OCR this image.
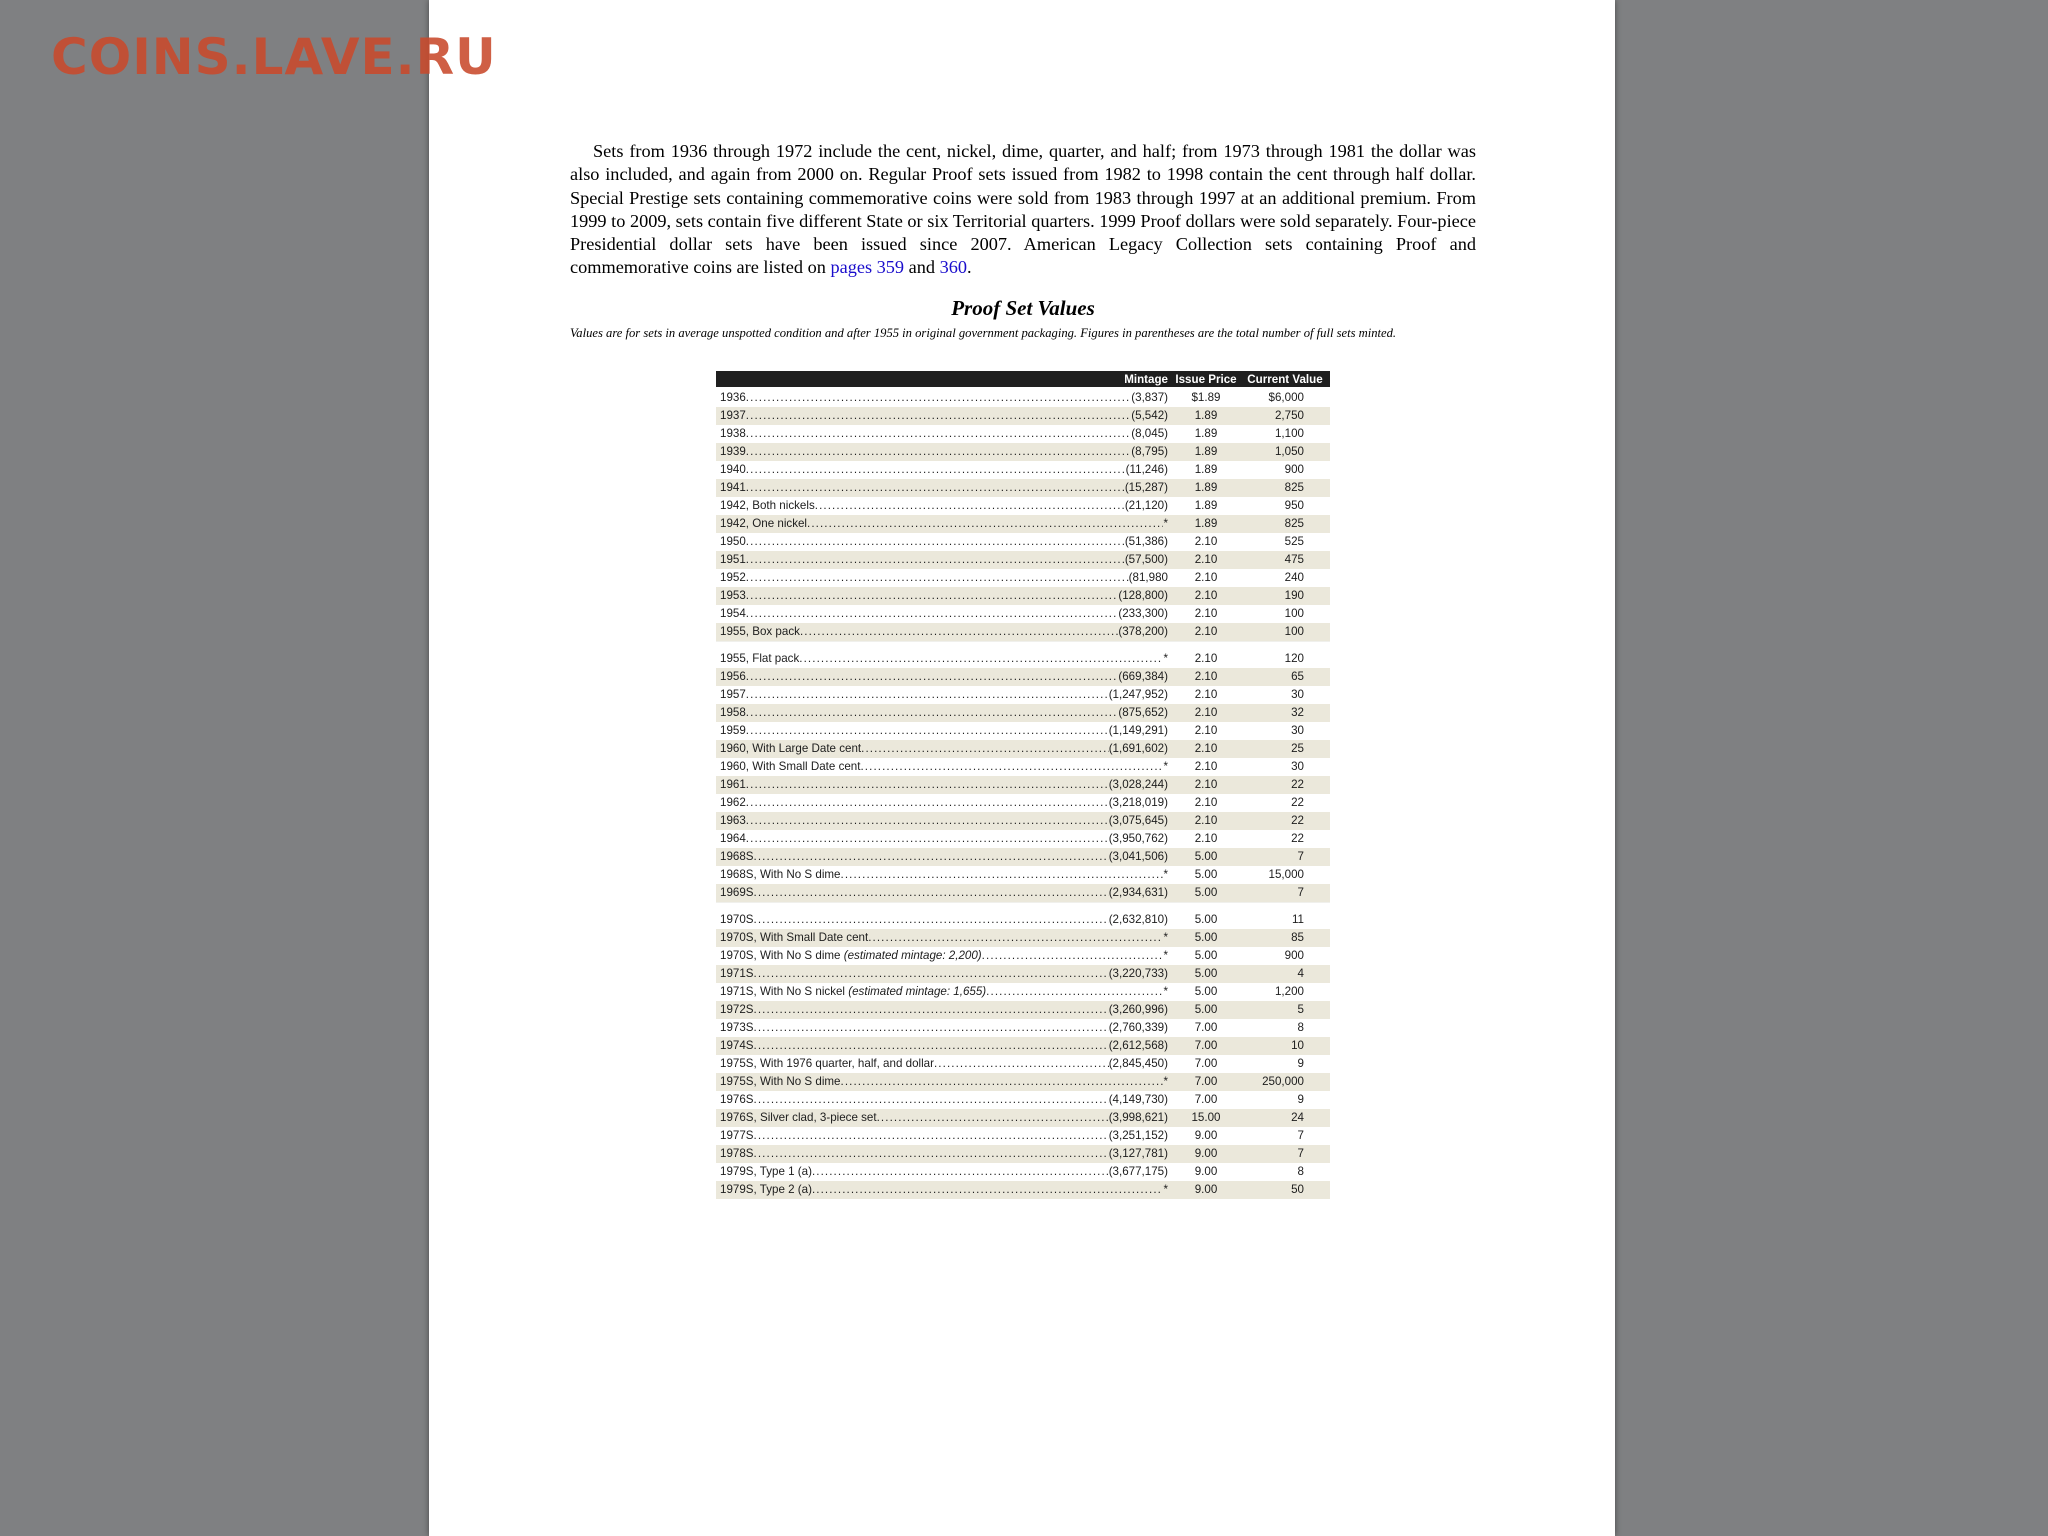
COINS.LAVE.RU

Sets from 1936 through 1972 include the cent, nickel, dime, quarter, and half; from 1973 through 1981 the dollar was also included, and again from 2000 on. Regular Proof sets issued from 1982 to 1998 contain the cent through half dollar. Special Prestige sets containing commemorative coins were sold from 1983 through 1997 at an additional premium. From 1999 to 2009, sets contain five different State or six Territorial quarters. 1999 Proof dollars were sold separately. Four-piece Presidential dollar sets have been issued since 2007. American Legacy Collection sets containing Proof and commemorative coins are listed on pages 359 and 360.

Proof Set Values

Values are for sets in average unspotted condition and after 1955 in original government packaging. Figures in parentheses are the total number of full sets minted.

Mintage Issue Price Current Value
1936 .....	(3,837)	$1.89	$6,000
1937 .....	(5,542)	1.89	2,750
1938 .....	(8,045)	1.89	1,100
1939 .....	(8,795)	1.89	1,050
1940 .....	(11,246)	1.89	900
1941 .....	(15,287)	1.89	825
1942, Both nickels .....	(21,120)	1.89	950
1942, One nickel .....	*	1.89	825
1950 .....	(51,386)	2.10	525
1951 .....	(57,500)	2.10	475
1952 .....	(81,980	2.10	240
1953 .....	(128,800)	2.10	190
1954 .....	(233,300)	2.10	100
1955, Box pack .....	(378,200)	2.10	100
1955, Flat pack .....	*	2.10	120
1956 .....	(669,384)	2.10	65
1957 .....	(1,247,952)	2.10	30
1958 .....	(875,652)	2.10	32
1959 .....	(1,149,291)	2.10	30
1960, With Large Date cent .....	(1,691,602)	2.10	25
1960, With Small Date cent .....	*	2.10	30
1961 .....	(3,028,244)	2.10	22
1962 .....	(3,218,019)	2.10	22
1963 .....	(3,075,645)	2.10	22
1964 .....	(3,950,762)	2.10	22
1968S .....	(3,041,506)	5.00	7
1968S, With No S dime .....	*	5.00	15,000
1969S .....	(2,934,631)	5.00	7
1970S .....	(2,632,810)	5.00	11
1970S, With Small Date cent .....	*	5.00	85
1970S, With No S dime (estimated mintage: 2,200) .....	*	5.00	900
1971S .....	(3,220,733)	5.00	4
1971S, With No S nickel (estimated mintage: 1,655) .....	*	5.00	1,200
1972S .....	(3,260,996)	5.00	5
1973S .....	(2,760,339)	7.00	8
1974S .....	(2,612,568)	7.00	10
1975S, With 1976 quarter, half, and dollar .....	(2,845,450)	7.00	9
1975S, With No S dime .....	*	7.00	250,000
1976S .....	(4,149,730)	7.00	9
1976S, Silver clad, 3-piece set .....	(3,998,621)	15.00	24
1977S .....	(3,251,152)	9.00	7
1978S .....	(3,127,781)	9.00	7
1979S, Type 1 (a) .....	(3,677,175)	9.00	8
1979S, Type 2 (a) .....	*	9.00	50
